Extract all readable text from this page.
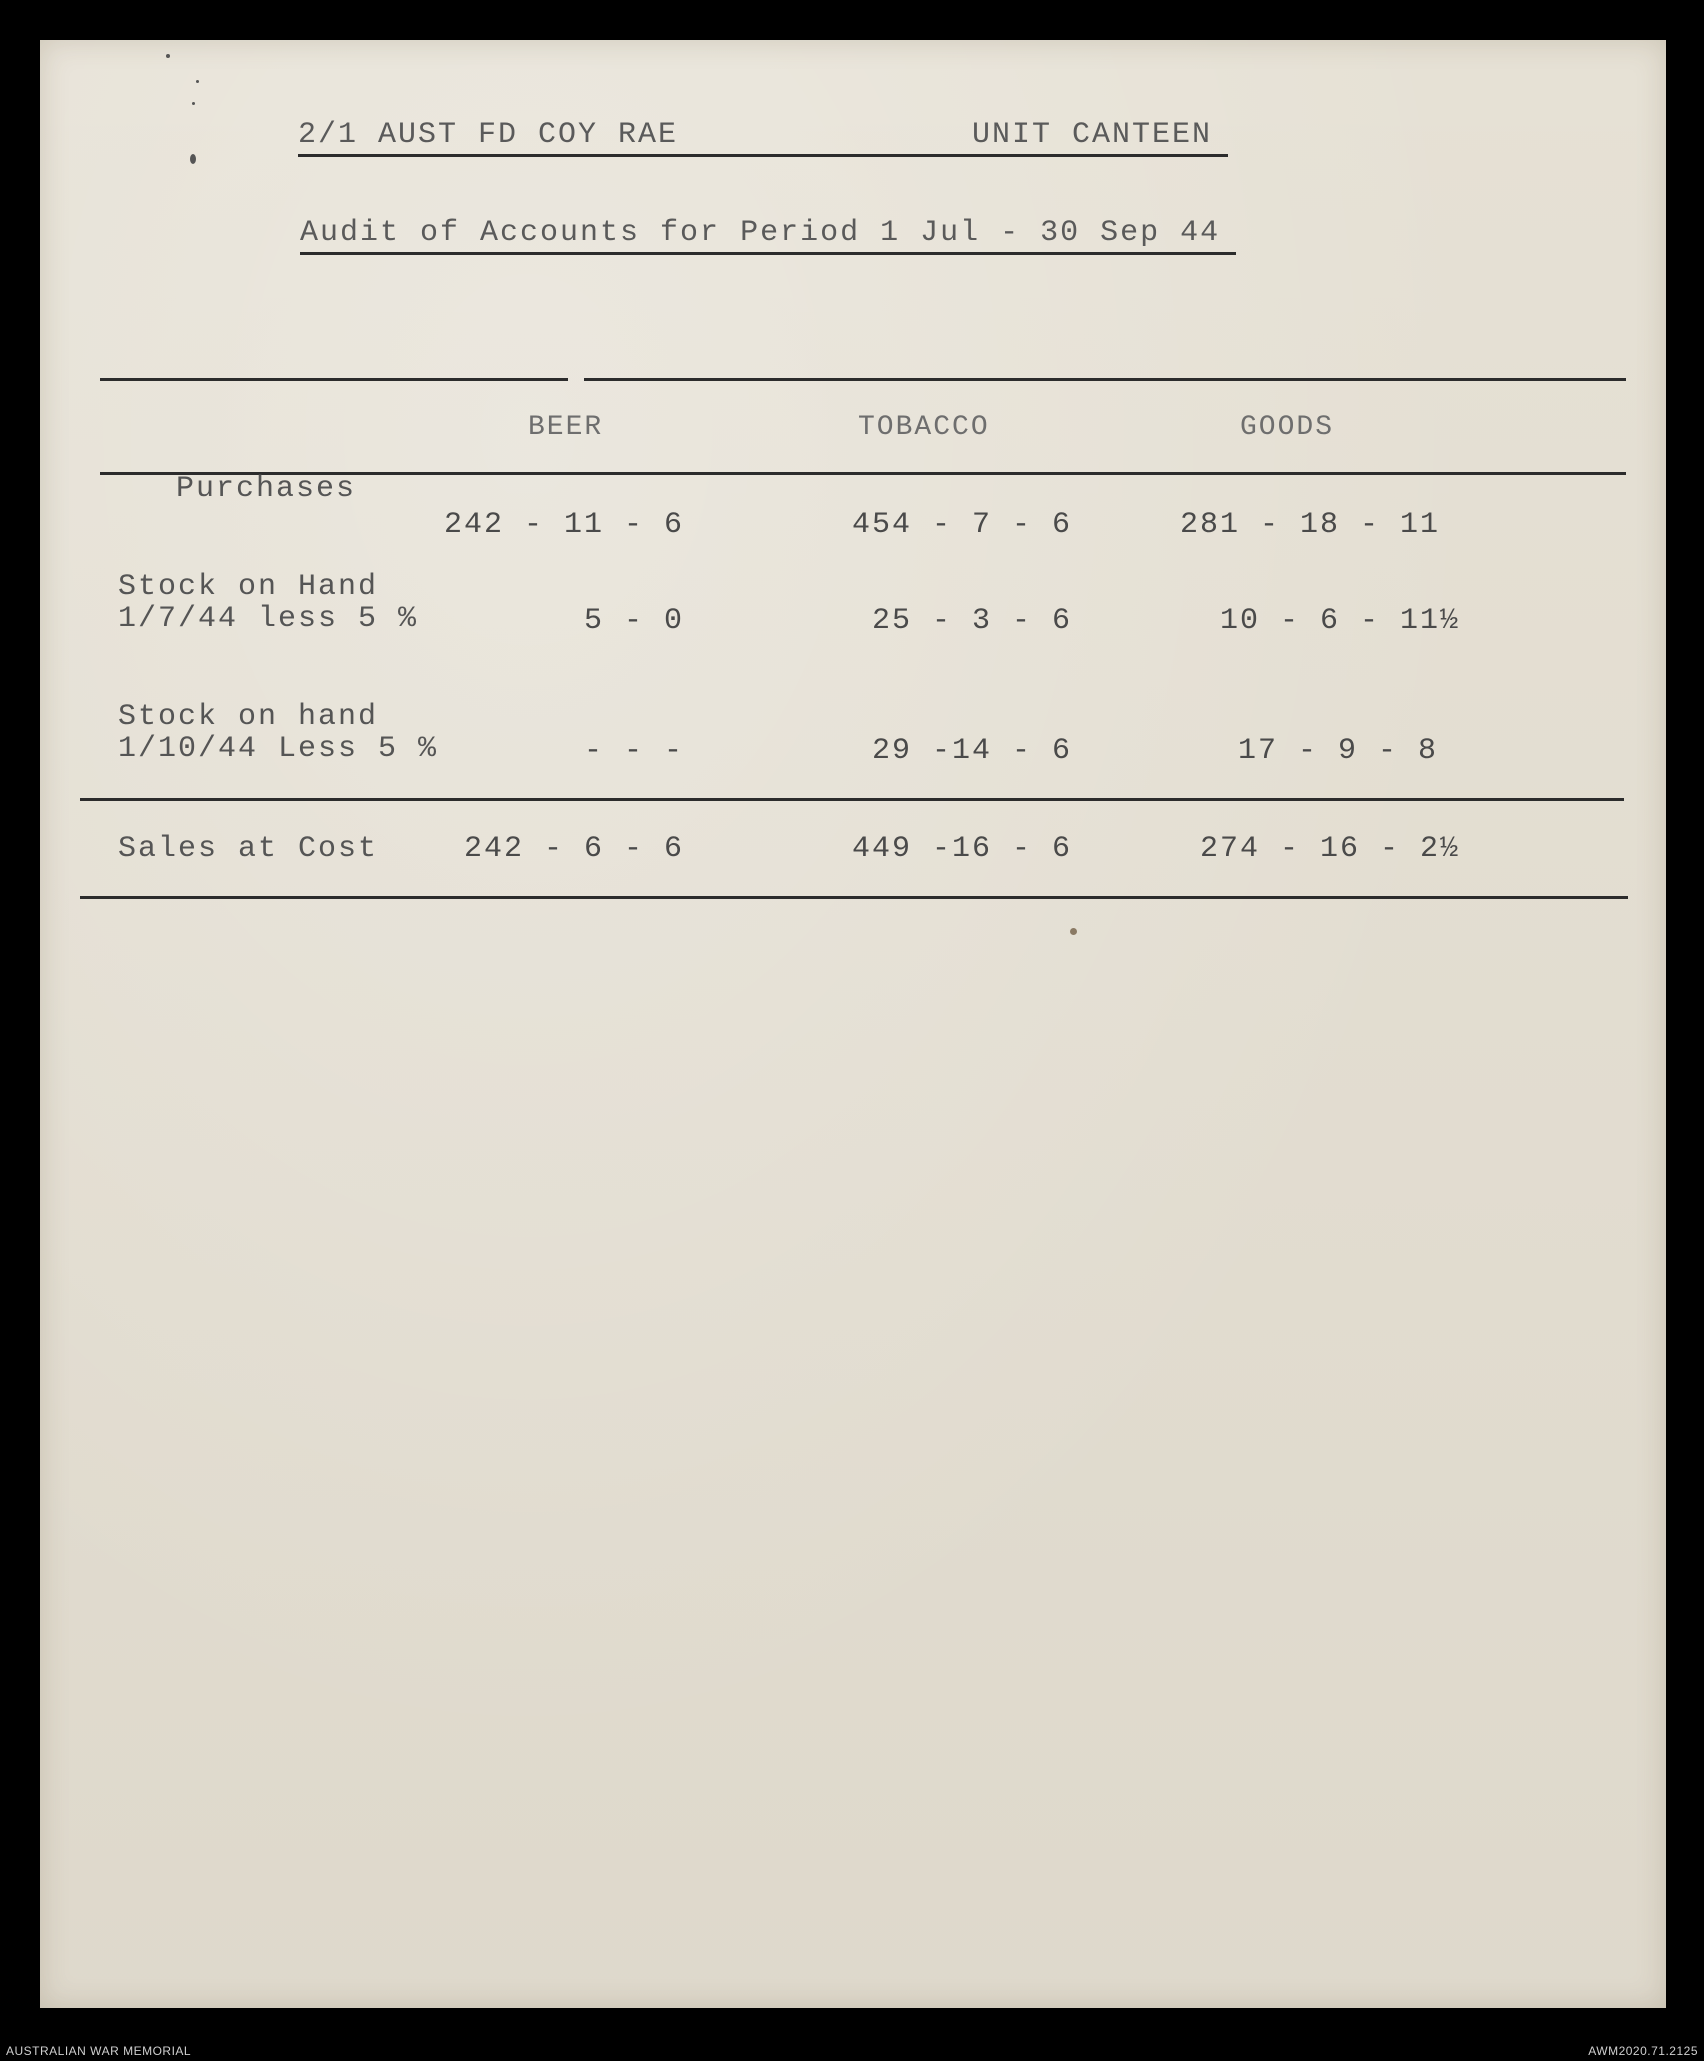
2/1 AUST FD COY RAE	UNIT CANTEEN
Audit of Accounts for Period 1 Jul - 30 Sep 44
BEER	TOBACCO	GOODS
Purchases
242 - 11 - 6	454 - 7 - 6	281 - 18 - 11
Stock on Hand
1/7/44 less 5 %	5 - 0	25 - 3 - 6	10 - 6 - 11½
Stock on hand
1/10/44 Less 5 %	- - -	29 -14 - 6	17 - 9 - 8
Sales at Cost	242 - 6 - 6	449 -16 - 6	274 - 16 - 2½
AUSTRALIAN WAR MEMORIAL	AWM2020.71.2125
